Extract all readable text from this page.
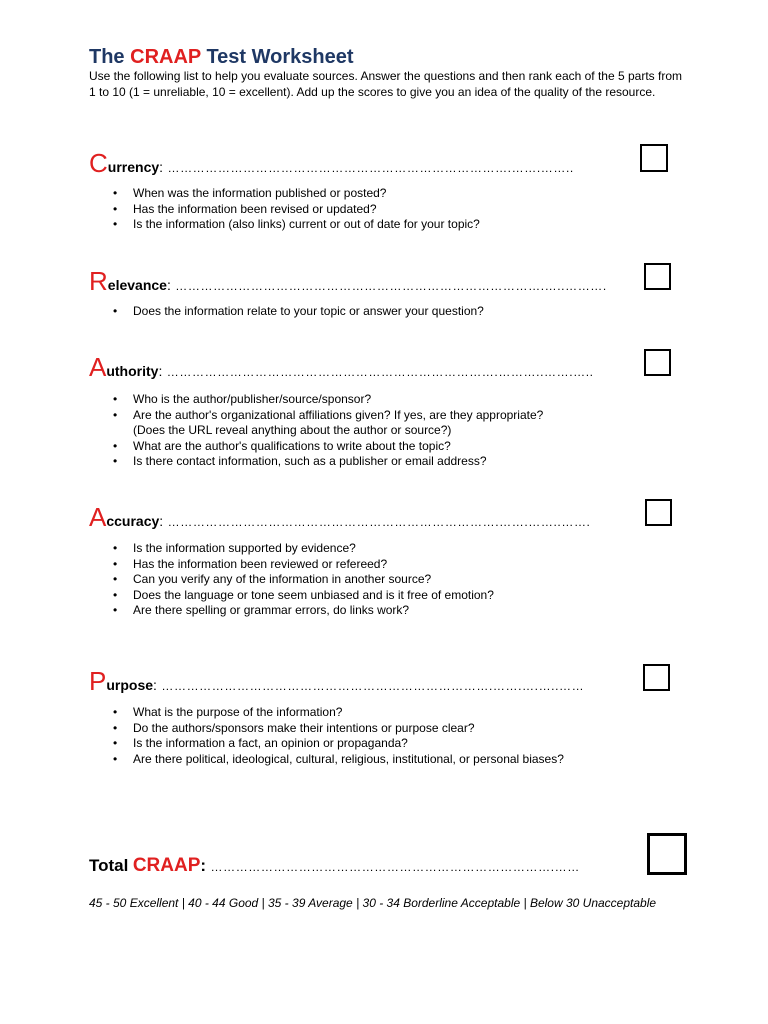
The CRAAP Test Worksheet
Use the following list to help you evaluate sources. Answer the questions and then rank each of the 5 parts from 1 to 10 (1 = unreliable, 10 = excellent). Add up the scores to give you an idea of the quality of the resource.
Currency: ……………………………………………………………………….…….……..
• When was the information published or posted?
• Has the information been revised or updated?
• Is the information (also links) current or out of date for your topic?
Relevance: …………………………………………………………………………….…..……….
• Does the information relate to your topic or answer your question?
Authority: …………………………………………………………………….………..…….…..
• Who is the author/publisher/source/sponsor?
• Are the author's organizational affiliations given? If yes, are they appropriate?
(Does the URL reveal anything about the author or source?)
• What are the author's qualifications to write about the topic?
• Is there contact information, such as a publisher or email address?
Accuracy: …………………………………………………………………….…….……..…….
• Is the information supported by evidence?
• Has the information been reviewed or refereed?
• Can you verify any of the information in another source?
• Does the language or tone seem unbiased and is it free of emotion?
• Are there spelling or grammar errors, do links work?
Purpose: …………………………………………………………………….…….….…..……
• What is the purpose of the information?
• Do the authors/sponsors make their intentions or purpose clear?
• Is the information a fact, an opinion or propaganda?
• Are there political, ideological, cultural, religious, institutional, or personal biases?
Total CRAAP: ……………………………………………………………………….……
45 - 50 Excellent | 40 - 44 Good | 35 - 39 Average | 30 - 34 Borderline Acceptable | Below 30 Unacceptable
